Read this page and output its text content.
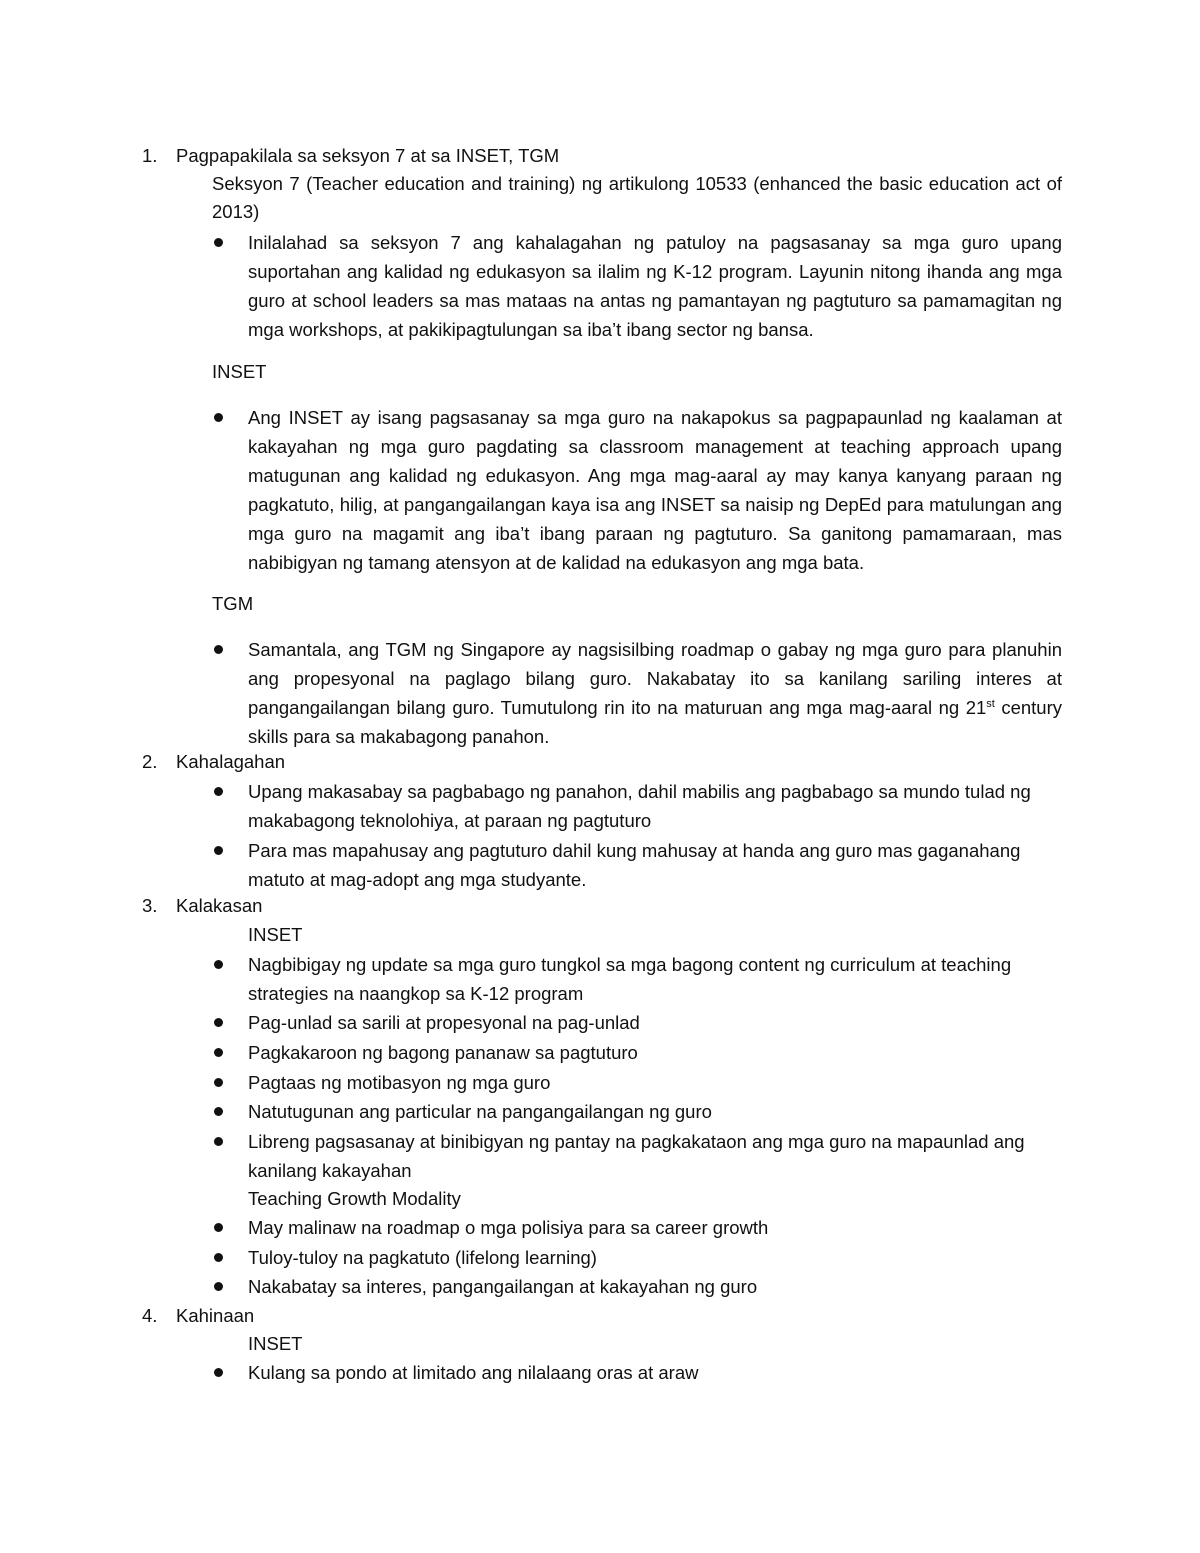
1.	Pagpapakilala sa seksyon 7 at sa INSET, TGM
Seksyon 7 (Teacher education and training) ng artikulong 10533 (enhanced the basic education act of 2013)
Inilalahad sa seksyon 7 ang kahalagahan ng patuloy na pagsasanay sa mga guro upang suportahan ang kalidad ng edukasyon sa ilalim ng K-12 program. Layunin nitong ihanda ang mga guro at school leaders sa mas mataas na antas ng pamantayan ng pagtuturo sa pamamagitan ng mga workshops, at pakikipagtulungan sa iba’t ibang sector ng bansa.
INSET
Ang INSET ay isang pagsasanay sa mga guro na nakapokus sa pagpapaunlad ng kaalaman at kakayahan ng mga guro pagdating sa classroom management at teaching approach upang matugunan ang kalidad ng edukasyon. Ang mga mag-aaral ay may kanya kanyang paraan ng pagkatuto, hilig, at pangangailangan kaya isa ang INSET sa naisip ng DepEd para matulungan ang mga guro na magamit ang iba’t ibang paraan ng pagtuturo. Sa ganitong pamamaraan, mas nabibigyan ng tamang atensyon at de kalidad na edukasyon ang mga bata.
TGM
Samantala, ang TGM ng Singapore ay nagsisilbing roadmap o gabay ng mga guro para planuhin ang propesyonal na paglago bilang guro. Nakabatay ito sa kanilang sariling interes at pangangailangan bilang guro. Tumutulong rin ito na maturuan ang mga mag-aaral ng 21st century skills para sa makabagong panahon.
2.	Kahalagahan
Upang makasabay sa pagbabago ng panahon, dahil mabilis ang pagbabago sa mundo tulad ng makabagong teknolohiya, at paraan ng pagtuturo
Para mas mapahusay ang pagtuturo dahil kung mahusay at handa ang guro mas gaganahang matuto at mag-adopt ang mga studyante.
3.	Kalakasan
INSET
Nagbibigay ng update sa mga guro tungkol sa mga bagong content ng curriculum at teaching strategies na naangkop sa K-12 program
Pag-unlad sa sarili at propesyonal na pag-unlad
Pagkakaroon ng bagong pananaw sa pagtuturo
Pagtaas ng motibasyon ng mga guro
Natutugunan ang particular na pangangailangan ng guro
Libreng pagsasanay at binibigyan ng pantay na pagkakataon ang mga guro na mapaunlad ang kanilang kakayahan
Teaching Growth Modality
May malinaw na roadmap o mga polisiya para sa career growth
Tuloy-tuloy na pagkatuto (lifelong learning)
Nakabatay sa interes, pangangailangan at kakayahan ng guro
4.	Kahinaan
INSET
Kulang sa pondo at limitado ang nilalaang oras at araw
